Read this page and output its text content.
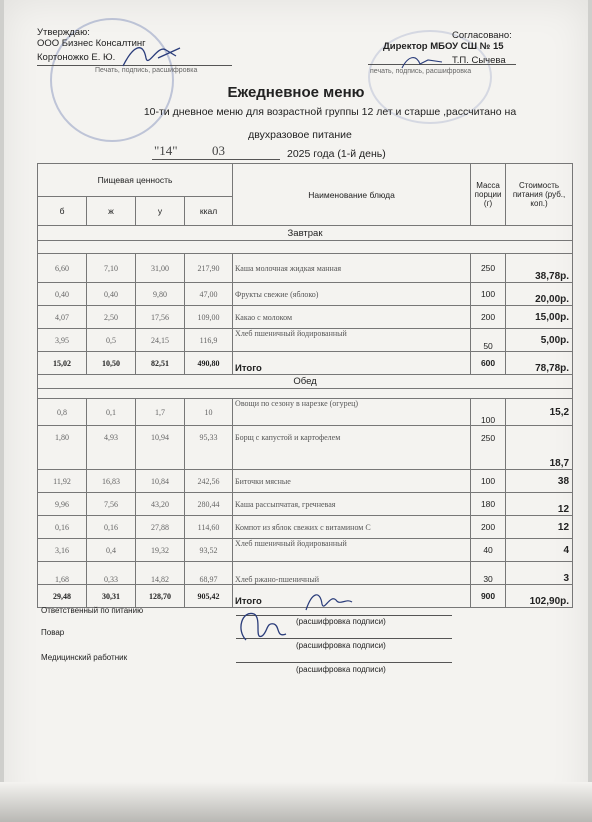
Утверждаю:
ООО Бизнес Консалтинг
Кортоножко Е. Ю.
Печать, подпись, расшифровка
Согласовано:
Директор МБОУ СШ № 15
Т.П. Сычева
печать, подпись, расшифровка
Ежедневное меню
10-ти дневное меню для возрастной группы 12 лет и старше ,рассчитано на
двухразовое питание
"14"	03	2025 года (1-й день)
Пищевая ценность				Наименование блюда	Масса порции (г)	Стоимость питания (руб., коп.)
б	ж	у	ккал			
Завтрак						

6,60	7,10	31,00	217,90	Каша молочная жидкая манная	250	38,78р.
0,40	0,40	9,80	47,00	Фрукты свежие (яблоко)	100	20,00р.
4,07	2,50	17,56	109,00	Какао с молоком	200	15,00р.
3,95	0,5	24,15	116,9	Хлеб пшеничный йодированный	50	5,00р.
15,02	10,50	82,51	490,80	Итого	600	78,78р.
Обед						

0,8	0,1	1,7	10	Овощи по сезону в нарезке (огурец)	100	15,2
1,80	4,93	10,94	95,33	Борщ с капустой и картофелем	250	18,7
11,92	16,83	10,84	242,56	Биточки мясные	100	38
9,96	7,56	43,20	280,44	Каша рассыпчатая, гречневая	180	12
0,16	0,16	27,88	114,60	Компот из яблок свежих с витамином С	200	12
3,16	0,4	19,32	93,52	Хлеб пшеничный йодированный	40	4
1,68	0,33	14,82	68,97	Хлеб ржано-пшеничный	30	3
29,48	30,31	128,70	905,42	Итого	900	102,90р.
Ответственный по питанию
(расшифровка подписи)
Повар
(расшифровка подписи)
Медицинский работник
(расшифровка подписи)
